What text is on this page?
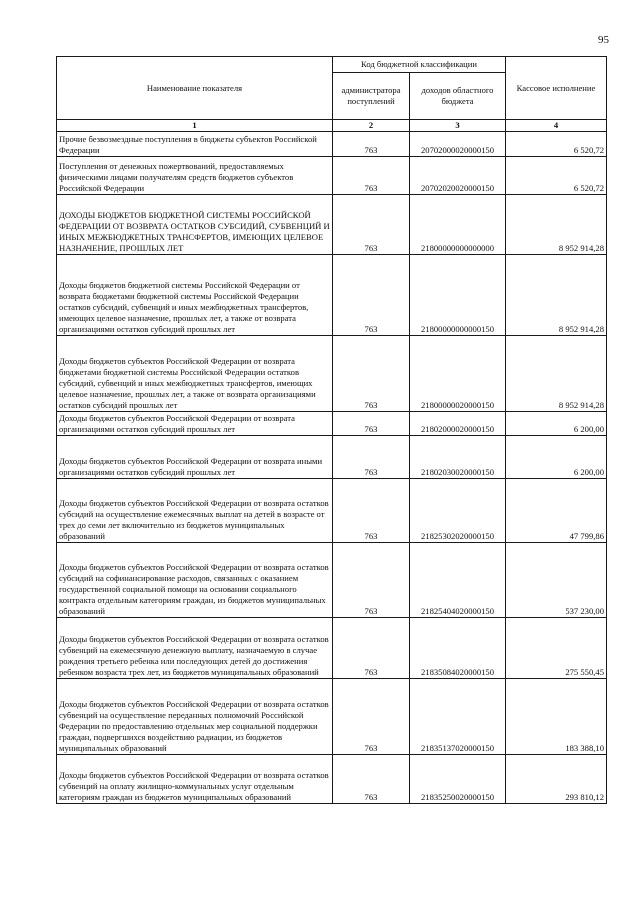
95
Наименование показателя	Код бюджетной классификации		Кассовое исполнение
	администратора поступлений	доходов областного бюджета	
1	2	3	4
Прочие безвозмездные поступления в бюджеты субъектов Российской Федерации	763	20702000020000150	6 520,72
Поступления от денежных пожертвований, предоставляемых физическими лицами получателям средств бюджетов субъектов Российской Федерации	763	20702020020000150	6 520,72
ДОХОДЫ БЮДЖЕТОВ БЮДЖЕТНОЙ СИСТЕМЫ РОССИЙСКОЙ ФЕДЕРАЦИИ ОТ ВОЗВРАТА ОСТАТКОВ СУБСИДИЙ, СУБВЕНЦИЙ И ИНЫХ МЕЖБЮДЖЕТНЫХ ТРАНСФЕРТОВ, ИМЕЮЩИХ ЦЕЛЕВОЕ НАЗНАЧЕНИЕ, ПРОШЛЫХ ЛЕТ	763	21800000000000000	8 952 914,28
Доходы бюджетов бюджетной системы Российской Федерации от возврата бюджетами бюджетной системы Российской Федерации остатков субсидий, субвенций и иных межбюджетных трансфертов, имеющих целевое назначение, прошлых лет, а также от возврата организациями остатков субсидий прошлых лет	763	21800000000000150	8 952 914,28
Доходы бюджетов субъектов Российской Федерации от возврата бюджетами бюджетной системы Российской Федерации остатков субсидий, субвенций и иных межбюджетных трансфертов, имеющих целевое назначение, прошлых лет, а также от возврата организациями остатков субсидий прошлых лет	763	21800000020000150	8 952 914,28
Доходы бюджетов субъектов Российской Федерации от возврата организациями остатков субсидий прошлых лет	763	21802000020000150	6 200,00
Доходы бюджетов субъектов Российской Федерации от возврата иными организациями остатков субсидий прошлых лет	763	21802030020000150	6 200,00
Доходы бюджетов субъектов Российской Федерации от возврата остатков субсидий на осуществление ежемесячных выплат на детей в возрасте от трех до семи лет включительно из бюджетов муниципальных образований	763	21825302020000150	47 799,86
Доходы бюджетов субъектов Российской Федерации от возврата остатков субсидий на софинансирование расходов, связанных с оказанием государственной социальной помощи на основании социального контракта отдельным категориям граждан, из бюджетов муниципальных образований	763	21825404020000150	537 230,00
Доходы бюджетов субъектов Российской Федерации от возврата остатков субвенций на ежемесячную денежную выплату, назначаемую в случае рождения третьего ребенка или последующих детей до достижения ребенком возраста трех лет, из бюджетов муниципальных образований	763	21835084020000150	275 550,45
Доходы бюджетов субъектов Российской Федерации от возврата остатков субвенций на осуществление переданных полномочий Российской Федерации по предоставлению отдельных мер социальной поддержки граждан, подвергшихся воздействию радиации, из бюджетов муниципальных образований	763	21835137020000150	183 388,10
Доходы бюджетов субъектов Российской Федерации от возврата остатков субвенций на оплату жилищно-коммунальных услуг отдельным категориям граждан из бюджетов муниципальных образований	763	21835250020000150	293 810,12
